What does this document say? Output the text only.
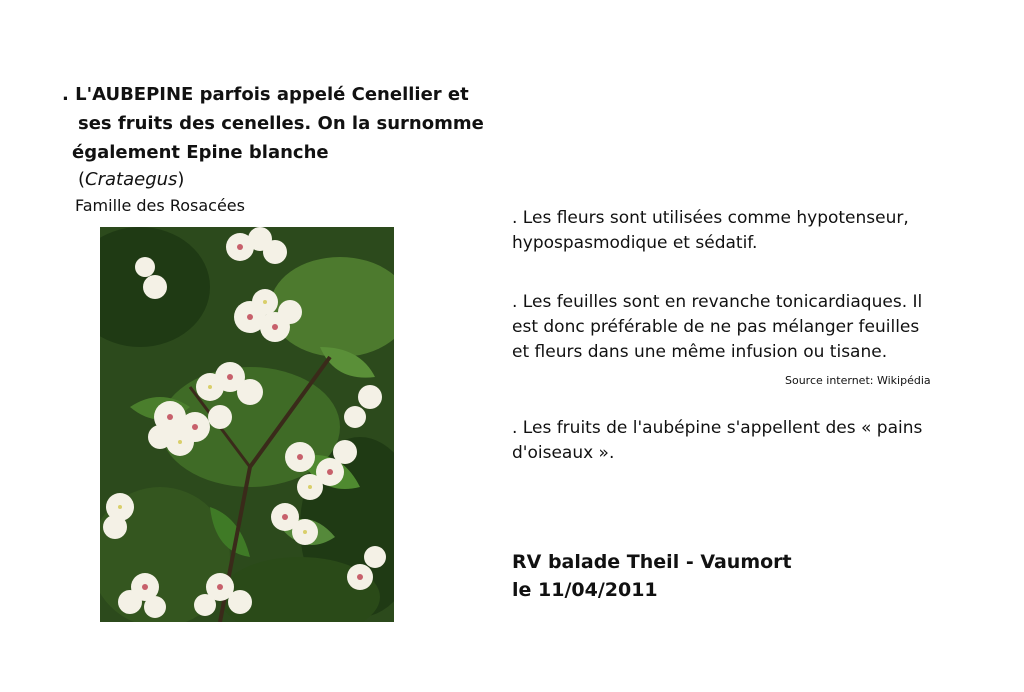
. L'AUBEPINE parfois appelé Cenellier et
ses fruits des cenelles. On la surnomme
également Epine blanche
(Crataegus)
Famille des Rosacées
. Les fleurs sont utilisées comme hypotenseur,
hypospasmodique et sédatif.
. Les feuilles sont en revanche tonicardiaques. Il
est donc préférable de ne pas mélanger feuilles
et fleurs dans une même infusion ou tisane.
Source internet: Wikipédia
. Les fruits de l'aubépine s'appellent des « pains
d'oiseaux ».
RV balade Theil - Vaumort
le 11/04/2011
